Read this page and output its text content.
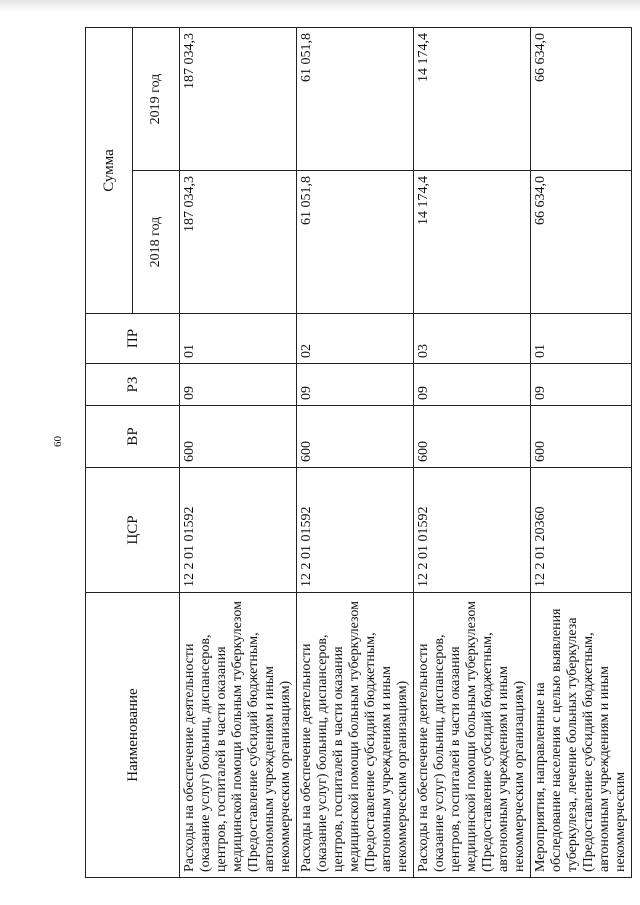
60
Наименование	ЦСР	ВР	РЗ	ПР	Сумма	
					2018 год	2019 год
Расходы на обеспечение деятельности (оказание услуг) больниц, диспансеров, центров, госпиталей в части оказания медицинской помощи больным туберкулезом (Предоставление субсидий бюджетным, автономным учреждениям и иным некоммерческим организациям)	12 2 01 01592	600	09	01	187 034,3	187 034,3
Расходы на обеспечение деятельности (оказание услуг) больниц, диспансеров, центров, госпиталей в части оказания медицинской помощи больным туберкулезом (Предоставление субсидий бюджетным, автономным учреждениям и иным некоммерческим организациям)	12 2 01 01592	600	09	02	61 051,8	61 051,8
Расходы на обеспечение деятельности (оказание услуг) больниц, диспансеров, центров, госпиталей в части оказания медицинской помощи больным туберкулезом (Предоставление субсидий бюджетным, автономным учреждениям и иным некоммерческим организациям)	12 2 01 01592	600	09	03	14 174,4	14 174,4
Мероприятия, направленные на обследование населения с целью выявления туберкулеза, лечение больных туберкулеза (Предоставление субсидий бюджетным, автономным учреждениям и иным некоммерческим	12 2 01 20360	600	09	01	66 634,0	66 634,0
